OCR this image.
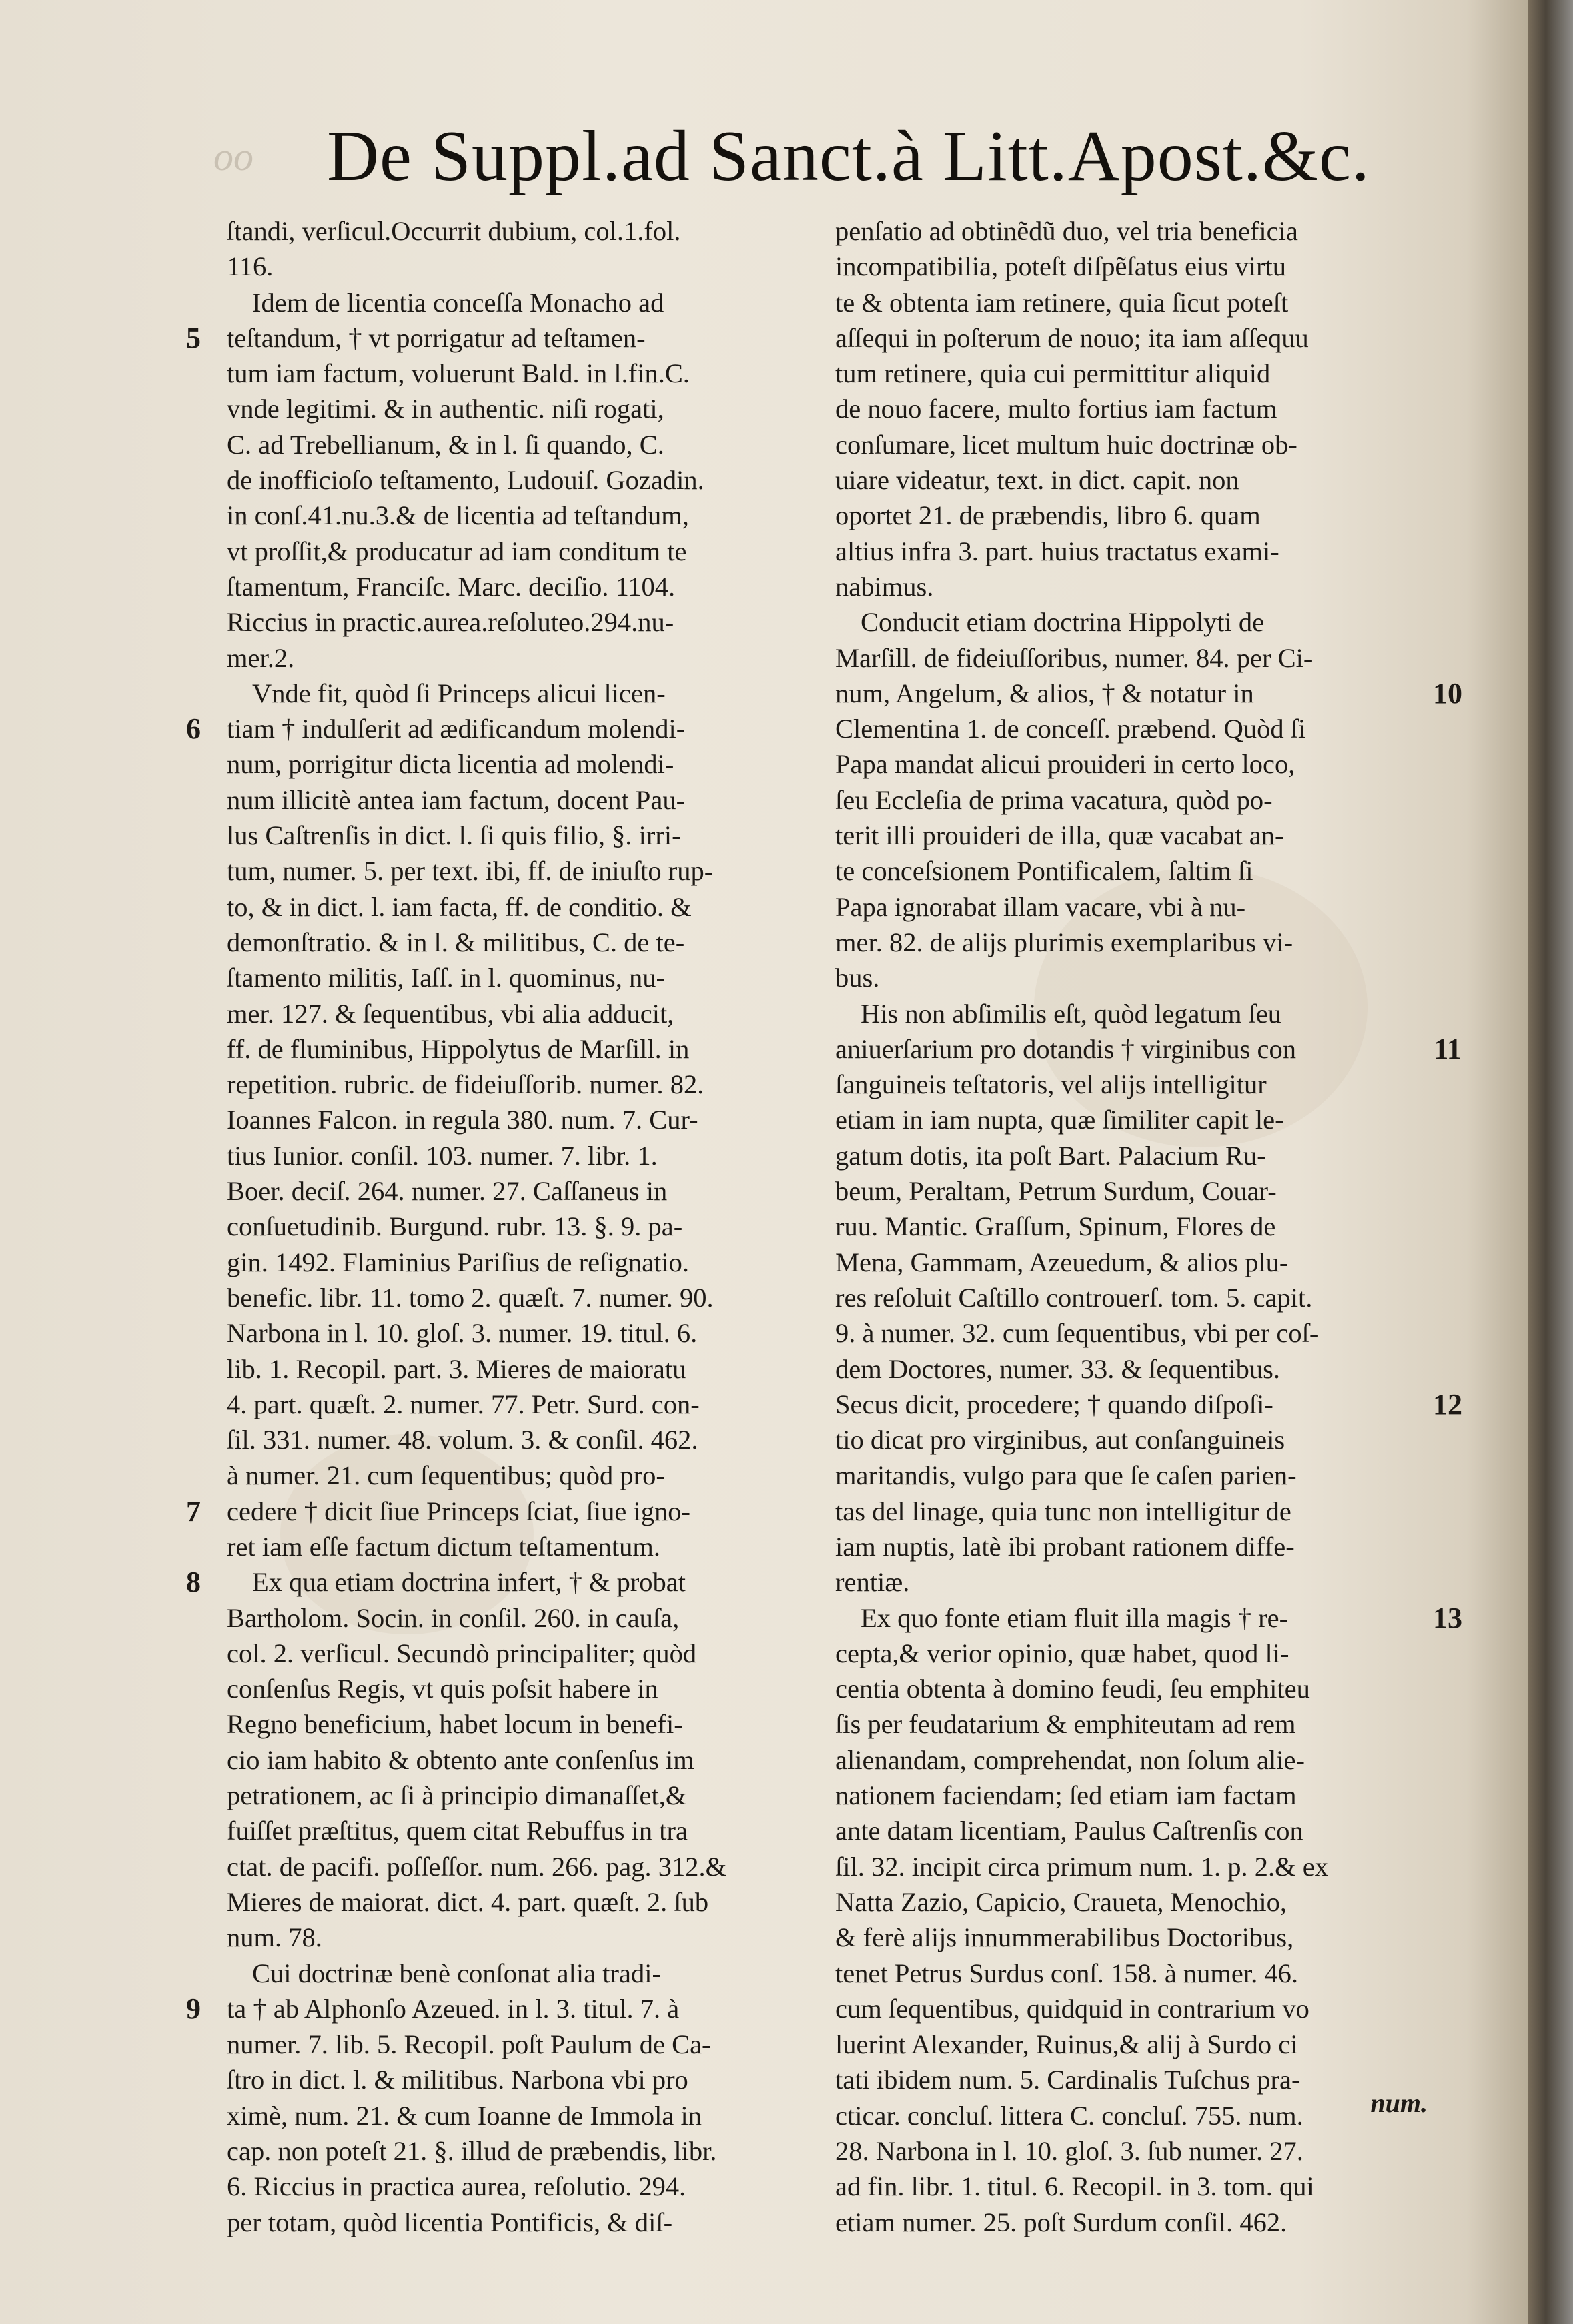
oo	De Suppl.ad Sanct.à Litt.Apost.&c.
ſtandi, verſicul.Occurrit dubium, col.1.fol.
116.
Idem de licentia conceſſa Monacho ad
teſtandum, † vt porrigatur ad teſtamen-
tum iam factum, voluerunt Bald. in l.fin.C.
vnde legitimi. & in authentic. niſi rogati,
C. ad Trebellianum, & in l. ſi quando, C.
de inofficioſo teſtamento, Ludouiſ. Gozadin.
in conſ.41.nu.3.& de licentia ad teſtandum,
vt proſſit,& producatur ad iam conditum te
ſtamentum, Franciſc. Marc. deciſio. 1104.
Riccius in practic.aurea.reſoluteo.294.nu-
mer.2.
Vnde fit, quòd ſi Princeps alicui licen-
tiam † indulſerit ad ædificandum molendi-
num, porrigitur dicta licentia ad molendi-
num illicitè antea iam factum, docent Pau-
lus Caſtrenſis in dict. l. ſi quis filio, §. irri-
tum, numer. 5. per text. ibi, ff. de iniuſto rup-
to, & in dict. l. iam facta, ff. de conditio. &
demonſtratio. & in l. & militibus, C. de te-
ſtamento militis, Iaſſ. in l. quominus, nu-
mer. 127. & ſequentibus, vbi alia adducit,
ff. de fluminibus, Hippolytus de Marſill. in
repetition. rubric. de fideiuſſorib. numer. 82.
Ioannes Falcon. in regula 380. num. 7. Cur-
tius Iunior. conſil. 103. numer. 7. libr. 1.
Boer. deciſ. 264. numer. 27. Caſſaneus in
conſuetudinib. Burgund. rubr. 13. §. 9. pa-
gin. 1492. Flaminius Pariſius de reſignatio.
benefic. libr. 11. tomo 2. quæſt. 7. numer. 90.
Narbona in l. 10. gloſ. 3. numer. 19. titul. 6.
lib. 1. Recopil. part. 3. Mieres de maioratu
4. part. quæſt. 2. numer. 77. Petr. Surd. con-
ſil. 331. numer. 48. volum. 3. & conſil. 462.
à numer. 21. cum ſequentibus; quòd pro-
cedere † dicit ſiue Princeps ſciat, ſiue igno-
ret iam eſſe factum dictum teſtamentum.
Ex qua etiam doctrina infert, † & probat
Bartholom. Socin. in conſil. 260. in cauſa,
col. 2. verſicul. Secundò principaliter; quòd
conſenſus Regis, vt quis poſsit habere in
Regno beneficium, habet locum in benefi-
cio iam habito & obtento ante conſenſus im
petrationem, ac ſi à principio dimanaſſet,&
fuiſſet præſtitus, quem citat Rebuffus in tra
ctat. de pacifi. poſſeſſor. num. 266. pag. 312.&
Mieres de maiorat. dict. 4. part. quæſt. 2. ſub
num. 78.
Cui doctrinæ benè conſonat alia tradi-
ta † ab Alphonſo Azeued. in l. 3. titul. 7. à
numer. 7. lib. 5. Recopil. poſt Paulum de Ca-
ſtro in dict. l. & militibus. Narbona vbi pro
ximè, num. 21. & cum Ioanne de Immola in
cap. non poteſt 21. §. illud de præbendis, libr.
6. Riccius in practica aurea, reſolutio. 294.
per totam, quòd licentia Pontificis, & diſ-
penſatio ad obtinẽdũ duo, vel tria beneficia
incompatibilia, poteſt diſpẽſatus eius virtu
te & obtenta iam retinere, quia ſicut poteſt
aſſequi in poſterum de nouo; ita iam aſſequu
tum retinere, quia cui permittitur aliquid
de nouo facere, multo fortius iam factum
conſumare, licet multum huic doctrinæ ob-
uiare videatur, text. in dict. capit. non
oportet 21. de præbendis, libro 6. quam
altius infra 3. part. huius tractatus exami-
nabimus.
Conducit etiam doctrina Hippolyti de
Marſill. de fideiuſſoribus, numer. 84. per Ci-
num, Angelum, & alios, † & notatur in
Clementina 1. de conceſſ. præbend. Quòd ſi
Papa mandat alicui prouideri in certo loco,
ſeu Eccleſia de prima vacatura, quòd po-
terit illi prouideri de illa, quæ vacabat an-
te conceſsionem Pontificalem, ſaltim ſi
Papa ignorabat illam vacare, vbi à nu-
mer. 82. de alijs plurimis exemplaribus vi-
bus.
His non abſimilis eſt, quòd legatum ſeu
aniuerſarium pro dotandis † virginibus con
ſanguineis teſtatoris, vel alijs intelligitur
etiam in iam nupta, quæ ſimiliter capit le-
gatum dotis, ita poſt Bart. Palacium Ru-
beum, Peraltam, Petrum Surdum, Couar-
ruu. Mantic. Graſſum, Spinum, Flores de
Mena, Gammam, Azeuedum, & alios plu-
res reſoluit Caſtillo controuerſ. tom. 5. capit.
9. à numer. 32. cum ſequentibus, vbi per coſ-
dem Doctores, numer. 33. & ſequentibus.
Secus dicit, procedere; † quando diſpoſi-
tio dicat pro virginibus, aut conſanguineis
maritandis, vulgo para que ſe caſen parien-
tas del linage, quia tunc non intelligitur de
iam nuptis, latè ibi probant rationem diffe-
rentiæ.
Ex quo fonte etiam fluit illa magis † re-
cepta,& verior opinio, quæ habet, quod li-
centia obtenta à domino feudi, ſeu emphiteu
ſis per feudatarium & emphiteutam ad rem
alienandam, comprehendat, non ſolum alie-
nationem faciendam; ſed etiam iam factam
ante datam licentiam, Paulus Caſtrenſis con
ſil. 32. incipit circa primum num. 1. p. 2.& ex
Natta Zazio, Capicio, Craueta, Menochio,
& ferè alijs innummerabilibus Doctoribus,
tenet Petrus Surdus conſ. 158. à numer. 46.
cum ſequentibus, quidquid in contrarium vo
luerint Alexander, Ruinus,& alij à Surdo ci
tati ibidem num. 5. Cardinalis Tuſchus pra-
cticar. concluſ. littera C. concluſ. 755. num.
28. Narbona in l. 10. gloſ. 3. ſub numer. 27.
ad fin. libr. 1. titul. 6. Recopil. in 3. tom. qui
etiam numer. 25. poſt Surdum conſil. 462.
5
6
7
8
9
10
11
12
13
num.
